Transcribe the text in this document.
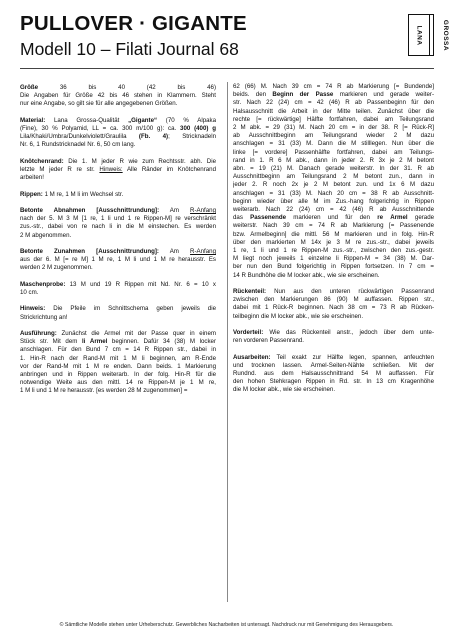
PULLOVER · GIGANTE
Modell 10 – Filati Journal 68
LANA	GROSSA
Größe 36 bis 40 (42 bis 46)
Die Angaben für Größe 42 bis 46 stehen in Klammern. Steht
nur eine Angabe, so gilt sie für alle angegebenen Größen.
Material: Lana Grossa-Qualität „Gigante“ (70 % Alpaka
(Fine), 30 % Polyamid, LL = ca. 300 m/100 g): ca. 300 (400) g
Lila/Khaki/Umbra/Dunkelviolett/Graulila (Fb. 4); Stricknadeln
Nr. 6, 1 Rundstricknadel Nr. 6, 50 cm lang.
Knötchenrand: Die 1. M jeder R wie zum Rechtsstr. abh. Die
letzte M jeder R re str. Hinweis: Alle Ränder im Knötchenrand
arbeiten!
Rippen: 1 M re, 1 M li im Wechsel str.
Betonte Abnahmen [Ausschnittrundung]: Am R-Anfang
nach der 5. M 3 M [1 re, 1 li und 1 re Rippen-M] re verschränkt
zus.-str., dabei von re nach li in die M einstechen. Es werden
2 M abgenommen.
Betonte Zunahmen [Ausschnittrundung]: Am R-Anfang
aus der 6. M [= re M] 1 M re, 1 M li und 1 M re herausstr. Es
werden 2 M zugenommen.
Maschenprobe: 13 M und 19 R Rippen mit Nd. Nr. 6 = 10 x
10 cm.
Hinweis: Die Pfeile im Schnittschema geben jeweils die
Strickrichtung an!
Ausführung: Zunächst die Ärmel mit der Passe quer in einem
Stück str. Mit dem li Ärmel beginnen. Dafür 34 (38) M locker
anschlagen. Für den Bund 7 cm = 14 R Rippen str., dabei in
1. Hin-R nach der Rand-M mit 1 M li beginnen, am R-Ende
vor der Rand-M mit 1 M re enden. Dann beids. 1 Markierung
anbringen und in Rippen weiterarb. In der folg. Hin-R für die
notwendige Weite aus den mittl. 14 re Rippen-M je 1 M re,
1 M li und 1 M re herausstr. [es werden 28 M zugenommen] =
62 (66) M. Nach 39 cm = 74 R ab Markierung [= Bundende]
beids. den Beginn der Passe markieren und gerade weiter-
str. Nach 22 (24) cm = 42 (46) R ab Passenbeginn für den
Halsausschnitt die Arbeit in der Mitte teilen. Zunächst über die
rechte [= rückwärtige] Hälfte fortfahren, dabei am Teilungsrand
2 M abk. = 29 (31) M. Nach 20 cm = in der 38. R [= Rück-R]
ab Ausschnittbeginn am Teilungsrand wieder 2 M dazu
anschlagen = 31 (33) M. Dann die M stilllegen. Nun über die
linke [= vordere] Passenhälfte fortfahren, dabei am Teilungs-
rand in 1. R 6 M abk., dann in jeder 2. R 3x je 2 M betont
abn. = 19 (21) M. Danach gerade weiterstr. In der 31. R ab
Ausschnittbeginn am Teilungsrand 2 M betont zun., dann in
jeder 2. R noch 2x je 2 M betont zun. und 1x 6 M dazu
anschlagen = 31 (33) M. Nach 20 cm = 38 R ab Ausschnitt-
beginn wieder über alle M im Zus.-hang folgerichtig in Rippen
weiterarb. Nach 22 (24) cm = 42 (46) R ab Ausschnittende
das Passenende markieren und für den re Ärmel gerade
weiterstr. Nach 39 cm = 74 R ab Markierung [= Passenende
bzw. Ärmelbeginn] die mittl. 56 M markieren und in folg. Hin-R
über den markierten M 14x je 3 M re zus.-str., dabei jeweils
1 re, 1 li und 1 re Rippen-M zus.-str., zwischen den zus.-gestr.
M liegt noch jeweils 1 einzelne li Rippen-M = 34 (38) M. Dar-
ber nun den Bund folgerichtig in Rippen fortsetzen. In 7 cm =
14 R Bundhöhe die M locker abk., wie sie erscheinen.
Rückenteil: Nun aus den unteren rückwärtigen Passenrand
zwischen den Markierungen 86 (90) M auffassen. Rippen str.,
dabei mit 1 Rück-R beginnen. Nach 38 cm = 73 R ab Rücken-
teilbeginn die M locker abk., wie sie erscheinen.
Vorderteil: Wie das Rückenteil anstr., jedoch über dem unte-
ren vorderen Passenrand.
Ausarbeiten: Teil exakt zur Hälfte legen, spannen, anfeuchten
und trocknen lassen. Ärmel-Seiten-Nähte schließen. Mit der
Rundnd. aus dem Halsausschnittrand 54 M auffassen. Für
den hohen Stehkragen Rippen in Rd. str. In 13 cm Kragenhöhe
die M locker abk., wie sie erscheinen.
© Sämtliche Modelle stehen unter Urheberschutz. Gewerbliches Nacharbeiten ist untersagt. Nachdruck nur mit Genehmigung des Herausgebers.
